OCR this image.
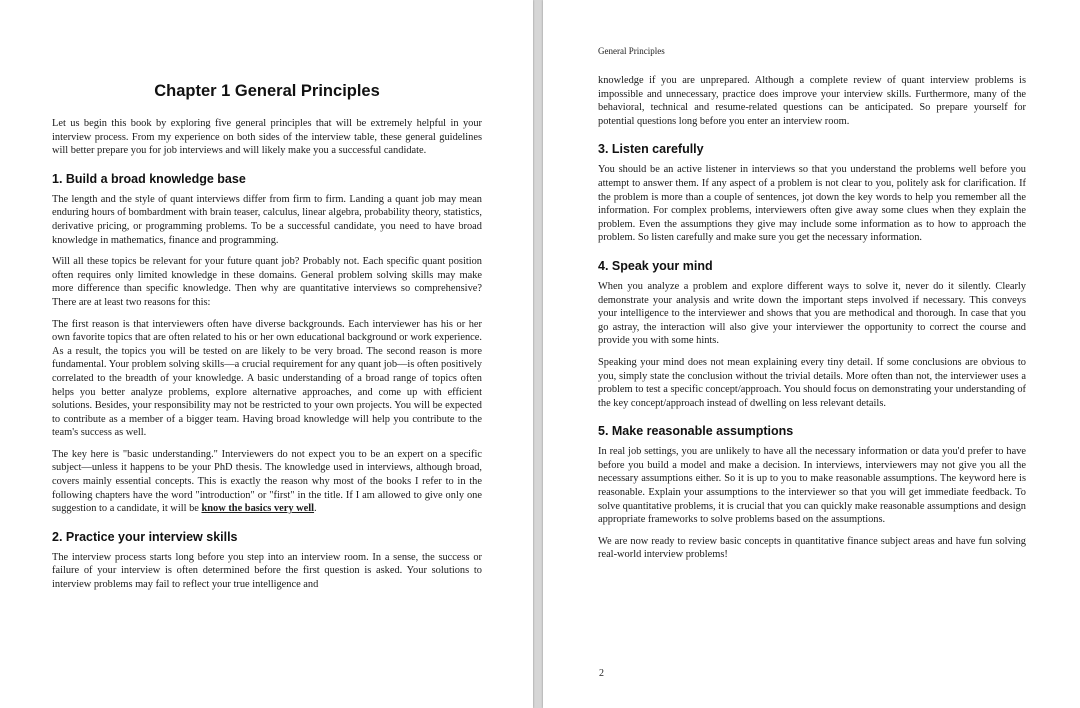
Chapter 1 General Principles

Let us begin this book by exploring five general principles that will be extremely helpful in your interview process. From my experience on both sides of the interview table, these general guidelines will better prepare you for job interviews and will likely make you a successful candidate.

1. Build a broad knowledge base

The length and the style of quant interviews differ from firm to firm. Landing a quant job may mean enduring hours of bombardment with brain teaser, calculus, linear algebra, probability theory, statistics, derivative pricing, or programming problems. To be a successful candidate, you need to have broad knowledge in mathematics, finance and programming.

Will all these topics be relevant for your future quant job? Probably not. Each specific quant position often requires only limited knowledge in these domains. General problem solving skills may make more difference than specific knowledge. Then why are quantitative interviews so comprehensive? There are at least two reasons for this:

The first reason is that interviewers often have diverse backgrounds. Each interviewer has his or her own favorite topics that are often related to his or her own educational background or work experience. As a result, the topics you will be tested on are likely to be very broad. The second reason is more fundamental. Your problem solving skills—a crucial requirement for any quant job—is often positively correlated to the breadth of your knowledge. A basic understanding of a broad range of topics often helps you better analyze problems, explore alternative approaches, and come up with efficient solutions. Besides, your responsibility may not be restricted to your own projects. You will be expected to contribute as a member of a bigger team. Having broad knowledge will help you contribute to the team's success as well.

The key here is "basic understanding." Interviewers do not expect you to be an expert on a specific subject—unless it happens to be your PhD thesis. The knowledge used in interviews, although broad, covers mainly essential concepts. This is exactly the reason why most of the books I refer to in the following chapters have the word "introduction" or "first" in the title. If I am allowed to give only one suggestion to a candidate, it will be know the basics very well.

2. Practice your interview skills

The interview process starts long before you step into an interview room. In a sense, the success or failure of your interview is often determined before the first question is asked. Your solutions to interview problems may fail to reflect your true intelligence and

General Principles

knowledge if you are unprepared. Although a complete review of quant interview problems is impossible and unnecessary, practice does improve your interview skills. Furthermore, many of the behavioral, technical and resume-related questions can be anticipated. So prepare yourself for potential questions long before you enter an interview room.

3. Listen carefully

You should be an active listener in interviews so that you understand the problems well before you attempt to answer them. If any aspect of a problem is not clear to you, politely ask for clarification. If the problem is more than a couple of sentences, jot down the key words to help you remember all the information. For complex problems, interviewers often give away some clues when they explain the problem. Even the assumptions they give may include some information as to how to approach the problem. So listen carefully and make sure you get the necessary information.

4. Speak your mind

When you analyze a problem and explore different ways to solve it, never do it silently. Clearly demonstrate your analysis and write down the important steps involved if necessary. This conveys your intelligence to the interviewer and shows that you are methodical and thorough. In case that you go astray, the interaction will also give your interviewer the opportunity to correct the course and provide you with some hints.

Speaking your mind does not mean explaining every tiny detail. If some conclusions are obvious to you, simply state the conclusion without the trivial details. More often than not, the interviewer uses a problem to test a specific concept/approach. You should focus on demonstrating your understanding of the key concept/approach instead of dwelling on less relevant details.

5. Make reasonable assumptions

In real job settings, you are unlikely to have all the necessary information or data you'd prefer to have before you build a model and make a decision. In interviews, interviewers may not give you all the necessary assumptions either. So it is up to you to make reasonable assumptions. The keyword here is reasonable. Explain your assumptions to the interviewer so that you will get immediate feedback. To solve quantitative problems, it is crucial that you can quickly make reasonable assumptions and design appropriate frameworks to solve problems based on the assumptions.

We are now ready to review basic concepts in quantitative finance subject areas and have fun solving real-world interview problems!

2
